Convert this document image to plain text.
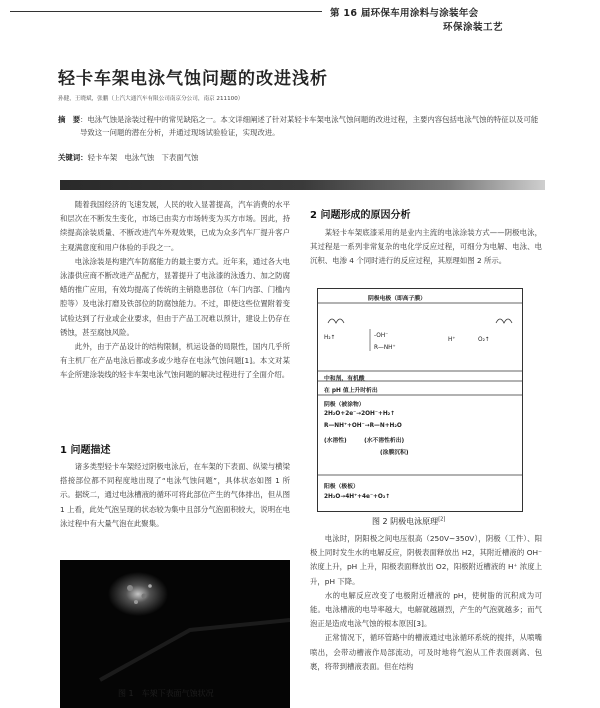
第 16 届环保车用涂料与涂装年会
环保涂装工艺
轻卡车架电泳气蚀问题的改进浅析
孙健，王晓斌，张鹏（上汽大通汽车有限公司南京分公司，南京 211100）
摘　要 ：电泳气蚀是涂装过程中的常见缺陷之一。本文详细阐述了针对某轻卡车架电泳气蚀问题的改进过程，主要内容包括电泳气蚀的特征以及可能导致这一问题的潜在分析，并通过现场试验验证，实现改进。
关键词：轻卡车架　电泳气蚀　下表面气蚀

随着我国经济的飞速发展，人民的收入显著提高，汽车消费的水平和层次在不断发生变化，市场已由卖方市场转变为买方市场。因此，持续提高涂装质量、不断改进汽车外观效果，已成为众多汽车厂提升客户主观满意度和用户体验的手段之一。

电泳涂装是构建汽车防腐能力的最主要方式。近年来，通过各大电泳漆供应商不断改进产品配方，显著提升了电泳漆的泳透力、加之防腐蜡的推广应用，有效均提高了传统的主销隐患部位（车门内部、门槛内腔等）及电泳打磨及铁部位的防腐蚀能力。不过，即使这些位置附着变试验达到了行业或企业要求，但由于产品工况难以预计，建设上仍存在锈蚀，甚至腐蚀风险。

此外，由于产品设计的结构限制，机运设备的局限性，国内几乎所有主机厂在产品电泳后都或多或少地存在电泳气蚀问题[1]。本文对某车企所建涂装线的轻卡车架电泳气蚀问题的解决过程进行了全面介绍。

1 问题描述

诸多类型轻卡车架经过阴极电泳后，在车架的下表面、纵梁与横梁搭接部位都不同程度地出现了“电泳气蚀问题”，具体状态如图 1 所示。据统二，通过电泳槽液的循环可将此部位产生的气体排出，但从图 1 上看，此处气泡呈现的状态较为集中且部分气泡面积较大，说明在电泳过程中有大量气泡在此聚集。

图 1　车架下表面气蚀状况
2 问题形成的原因分析

某轻卡车架底漆采用的是业内主流的电泳涂装方式——阴极电泳，其过程是一系列非常复杂的电化学反应过程，可细分为电解、电泳、电沉积、电渗 4 个同时进行的反应过程，其原理如图 2 所示。

阴极电极（即高子膜）
H₂↑	-OH⁻
R—NH⁺
H⁺	O₂↑
中和剂，有机酸
在 pH 值上升时析出
阴极（被涂物）
2H₂O+2e⁻→2OH⁻+H₂↑
R—NH⁺+OH⁻→R—N+H₂O
(水溶性)　　　(水不溶性析出)
(涂膜沉积)
阳极（极板）
2H₂O→4H⁺+4e⁻+O₂↑
图 2 阴极电泳原理[2]

电泳时，阴阳极之间电压很高（250V~350V），阴极（工件）、阳极上同时发生水的电解反应，阴极表面释放出 H2，其附近槽液的 OH⁻ 浓度上升，pH 上升，阳极表面释放出 O2，阳极附近槽液的 H⁺ 浓度上升，pH 下降。

水的电解反应改变了电极附近槽液的 pH，使树脂的沉积成为可能。电泳槽液的电导率越大，电解就越剧烈，产生的气泡就越多；而气泡正是造成电泳气蚀的根本原因[3]。

正常情况下，循环管路中的槽液通过电泳循环系统的搅拌，从喷嘴喷出，会带动槽液作局部流动，可及时地将气泡从工件表面剥离、包裹，将带到槽液表面。但在结构
